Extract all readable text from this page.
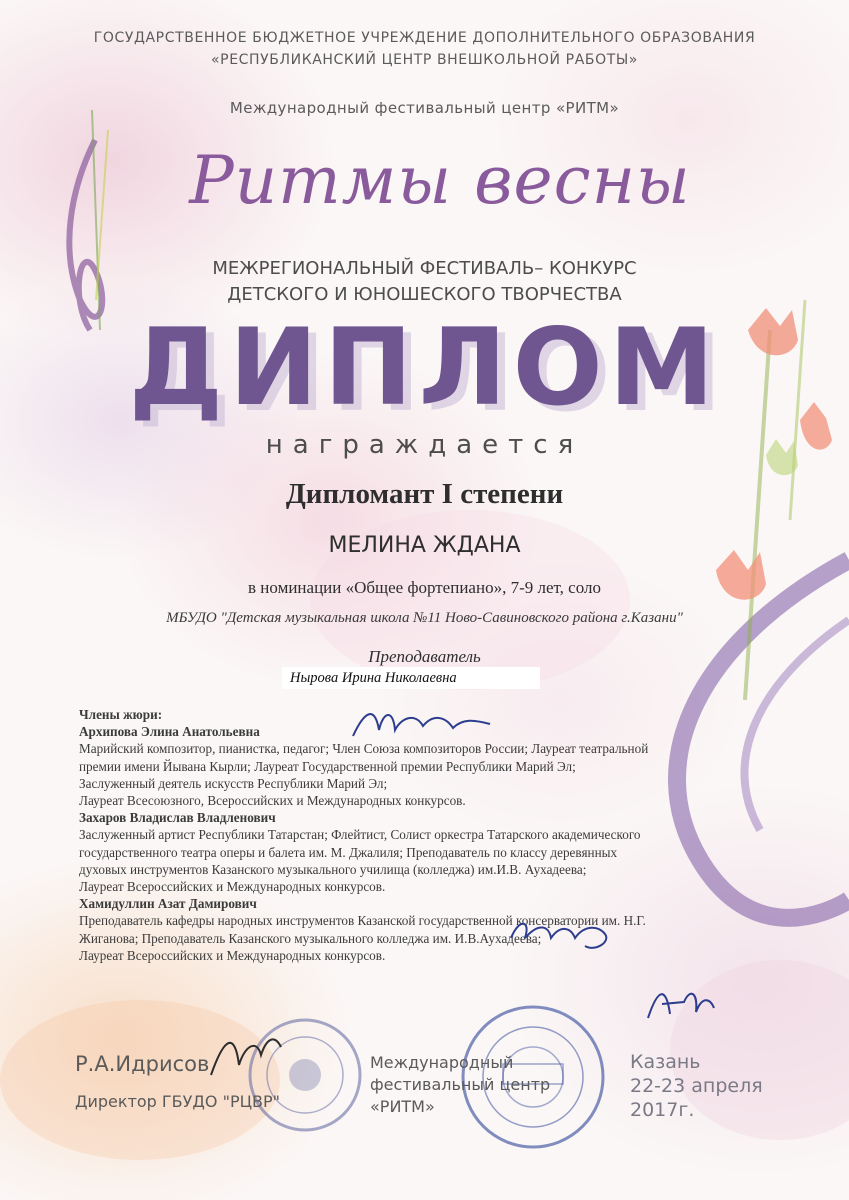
ГОСУДАРСТВЕННОЕ БЮДЖЕТНОЕ УЧРЕЖДЕНИЕ ДОПОЛНИТЕЛЬНОГО ОБРАЗОВАНИЯ
«РЕСПУБЛИКАНСКИЙ ЦЕНТР ВНЕШКОЛЬНОЙ РАБОТЫ»
Международный фестивальный центр «РИТМ»
Ритмы весны
МЕЖРЕГИОНАЛЬНЫЙ ФЕСТИВАЛЬ– КОНКУРС
ДЕТСКОГО И ЮНОШЕСКОГО ТВОРЧЕСТВА
ДИПЛОМ
награждается
Дипломант I степени
МЕЛИНА ЖДАНА
в номинации «Общее фортепиано», 7-9 лет, соло
МБУДО "Детская музыкальная школа №11 Ново-Савиновского района г.Казани"
Преподаватель
Нырова Ирина Николаевна
Члены жюри:
Архипова Элина Анатольевна
Марийский композитор, пианистка, педагог; Член Союза композиторов России; Лауреат театральной
премии имени Йывана Кырли; Лауреат Государственной премии Республики Марий Эл;
Заслуженный деятель искусств Республики Марий Эл;
Лауреат Всесоюзного, Всероссийских и Международных конкурсов.
Захаров Владислав Владленович
Заслуженный артист Республики Татарстан; Флейтист, Солист оркестра Татарского академического
государственного театра оперы и балета им. М. Джалиля; Преподаватель по классу деревянных
духовых инструментов Казанского музыкального училища (колледжа) им.И.В. Аухадеева;
Лауреат Всероссийских и Международных конкурсов.
Хамидуллин Азат Дамирович
Преподаватель кафедры народных инструментов Казанской государственной консерватории им. Н.Г.
Жиганова; Преподаватель Казанского музыкального колледжа им. И.В.Аухадеева;
Лауреат Всероссийских и Международных конкурсов.
Р.А.Идрисов
Директор ГБУДО "РЦВР"
Международный
фестивальный центр
«РИТМ»
Казань
22-23 апреля
2017г.
